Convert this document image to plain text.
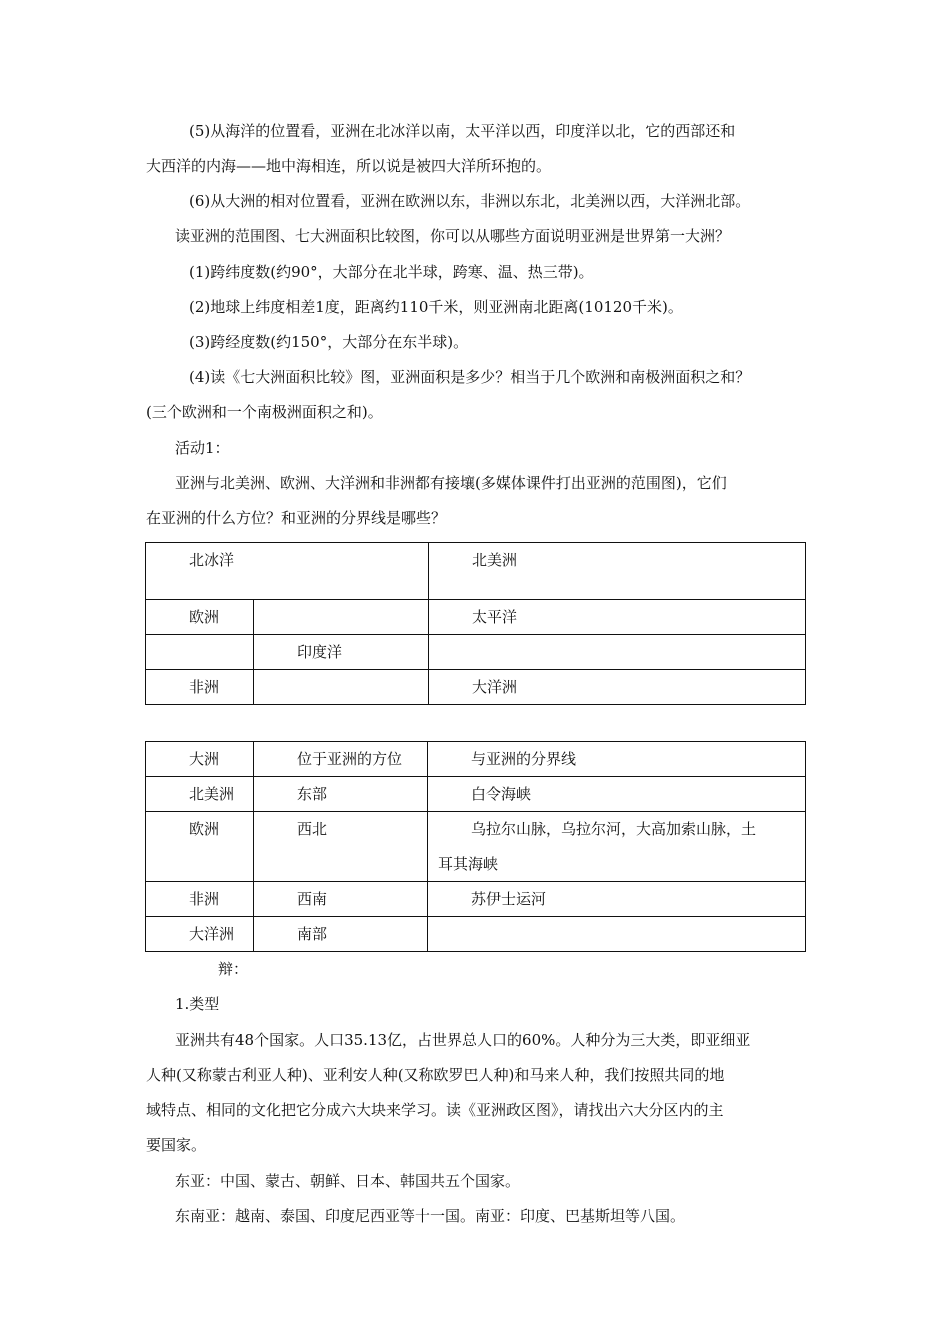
(5)从海洋的位置看，亚洲在北冰洋以南，太平洋以西，印度洋以北，它的西部还和
大西洋的内海——地中海相连，所以说是被四大洋所环抱的。
(6)从大洲的相对位置看，亚洲在欧洲以东，非洲以东北，北美洲以西，大洋洲北部。
读亚洲的范围图、七大洲面积比较图，你可以从哪些方面说明亚洲是世界第一大洲？
(1)跨纬度数(约90°，大部分在北半球，跨寒、温、热三带)。
(2)地球上纬度相差1度，距离约110千米，则亚洲南北距离(10120千米)。
(3)跨经度数(约150°，大部分在东半球)。
(4)读《七大洲面积比较》图，亚洲面积是多少？相当于几个欧洲和南极洲面积之和？
(三个欧洲和一个南极洲面积之和)。
活动1：
亚洲与北美洲、欧洲、大洋洲和非洲都有接壤(多媒体课件打出亚洲的范围图)，它们
在亚洲的什么方位？和亚洲的分界线是哪些？
北冰洋		北美洲

欧洲		太平洋

	印度洋	

非洲		大洋洲
大洲	位于亚洲的方位	与亚洲的分界线

北美洲	东部	白令海峡

欧洲	西北	乌拉尔山脉，乌拉尔河，大高加索山脉，土
耳其海峡

非洲	西南	苏伊士运河

大洋洲	南部	

辩：
1.类型
亚洲共有48个国家。人口35.13亿，占世界总人口的60%。人种分为三大类，即亚细亚
人种(又称蒙古利亚人种)、亚利安人种(又称欧罗巴人种)和马来人种，我们按照共同的地
域特点、相同的文化把它分成六大块来学习。读《亚洲政区图》，请找出六大分区内的主
要国家。
东亚：中国、蒙古、朝鲜、日本、韩国共五个国家。
东南亚：越南、泰国、印度尼西亚等十一国。南亚：印度、巴基斯坦等八国。
